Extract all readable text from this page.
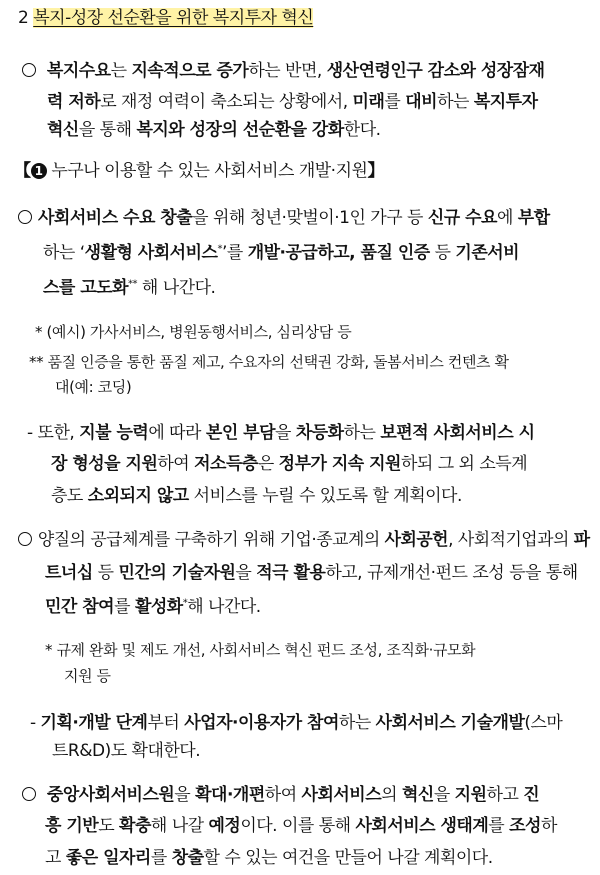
2 복지-성장 선순환을 위한 복지투자 혁신
복지수요는 지속적으로 증가하는 반면, 생산연령인구 감소와 성장잠재
력 저하로 재정 여력이 축소되는 상황에서, 미래를 대비하는 복지투자
혁신을 통해 복지와 성장의 선순환을 강화한다.
【 1 누구나 이용할 수 있는 사회서비스 개발·지원】
사회서비스 수요 창출을 위해 청년·맞벌이·1인 가구 등 신규 수요에 부합
하는 ‘생활형 사회서비스*’를 개발·공급하고, 품질 인증 등 기존서비
스를 고도화** 해 나간다.
* (예시) 가사서비스, 병원동행서비스, 심리상담 등
** 품질 인증을 통한 품질 제고, 수요자의 선택권 강화, 돌봄서비스 컨텐츠 확
대(예: 코딩)
- 또한, 지불 능력에 따라 본인 부담을 차등화하는 보편적 사회서비스 시
장 형성을 지원하여 저소득층은 정부가 지속 지원하되 그 외 소득계
층도 소외되지 않고 서비스를 누릴 수 있도록 할 계획이다.
양질의 공급체계를 구축하기 위해 기업·종교계의 사회공헌, 사회적기업과의 파
트너십 등 민간의 기술자원을 적극 활용하고, 규제개선·펀드 조성 등을 통해
민간 참여를 활성화*해 나간다.
* 규제 완화 및 제도 개선, 사회서비스 혁신 펀드 조성, 조직화·규모화
지원 등
- 기획·개발 단계부터 사업자·이용자가 참여하는 사회서비스 기술개발(스마
트R&D)도 확대한다.
중앙사회서비스원을 확대·개편하여 사회서비스의 혁신을 지원하고 진
흥 기반도 확충해 나갈 예정이다. 이를 통해 사회서비스 생태계를 조성하
고 좋은 일자리를 창출할 수 있는 여건을 만들어 나갈 계획이다.
